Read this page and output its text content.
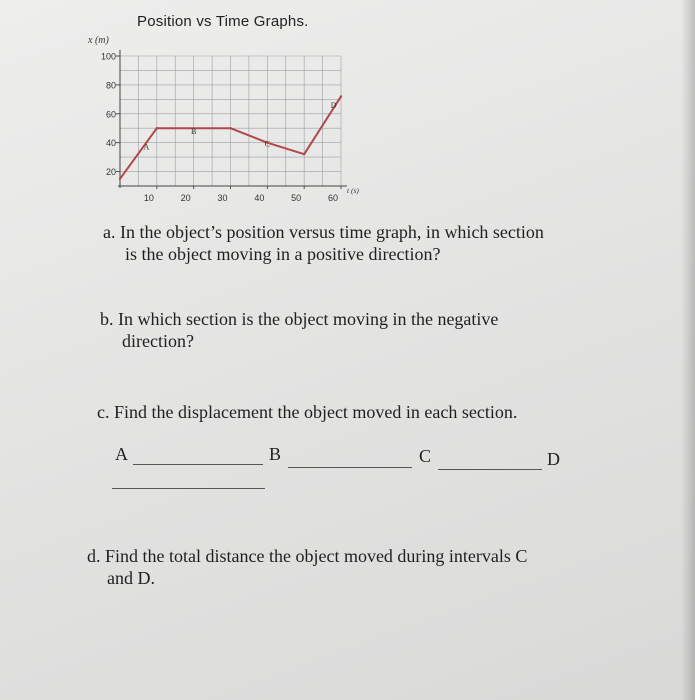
Position vs Time Graphs.
20
40
60
80
100
10	20	30	40	50	60
A
B
C
D
x (m)
t (s)
a. In the object’s position versus time graph, in which section
is the object moving in a positive direction?
b. In which section is the object moving in the negative
direction?
c. Find the displacement the object moved in each section.
A	B	C	D
d. Find the total distance the object moved during intervals C
and D.
